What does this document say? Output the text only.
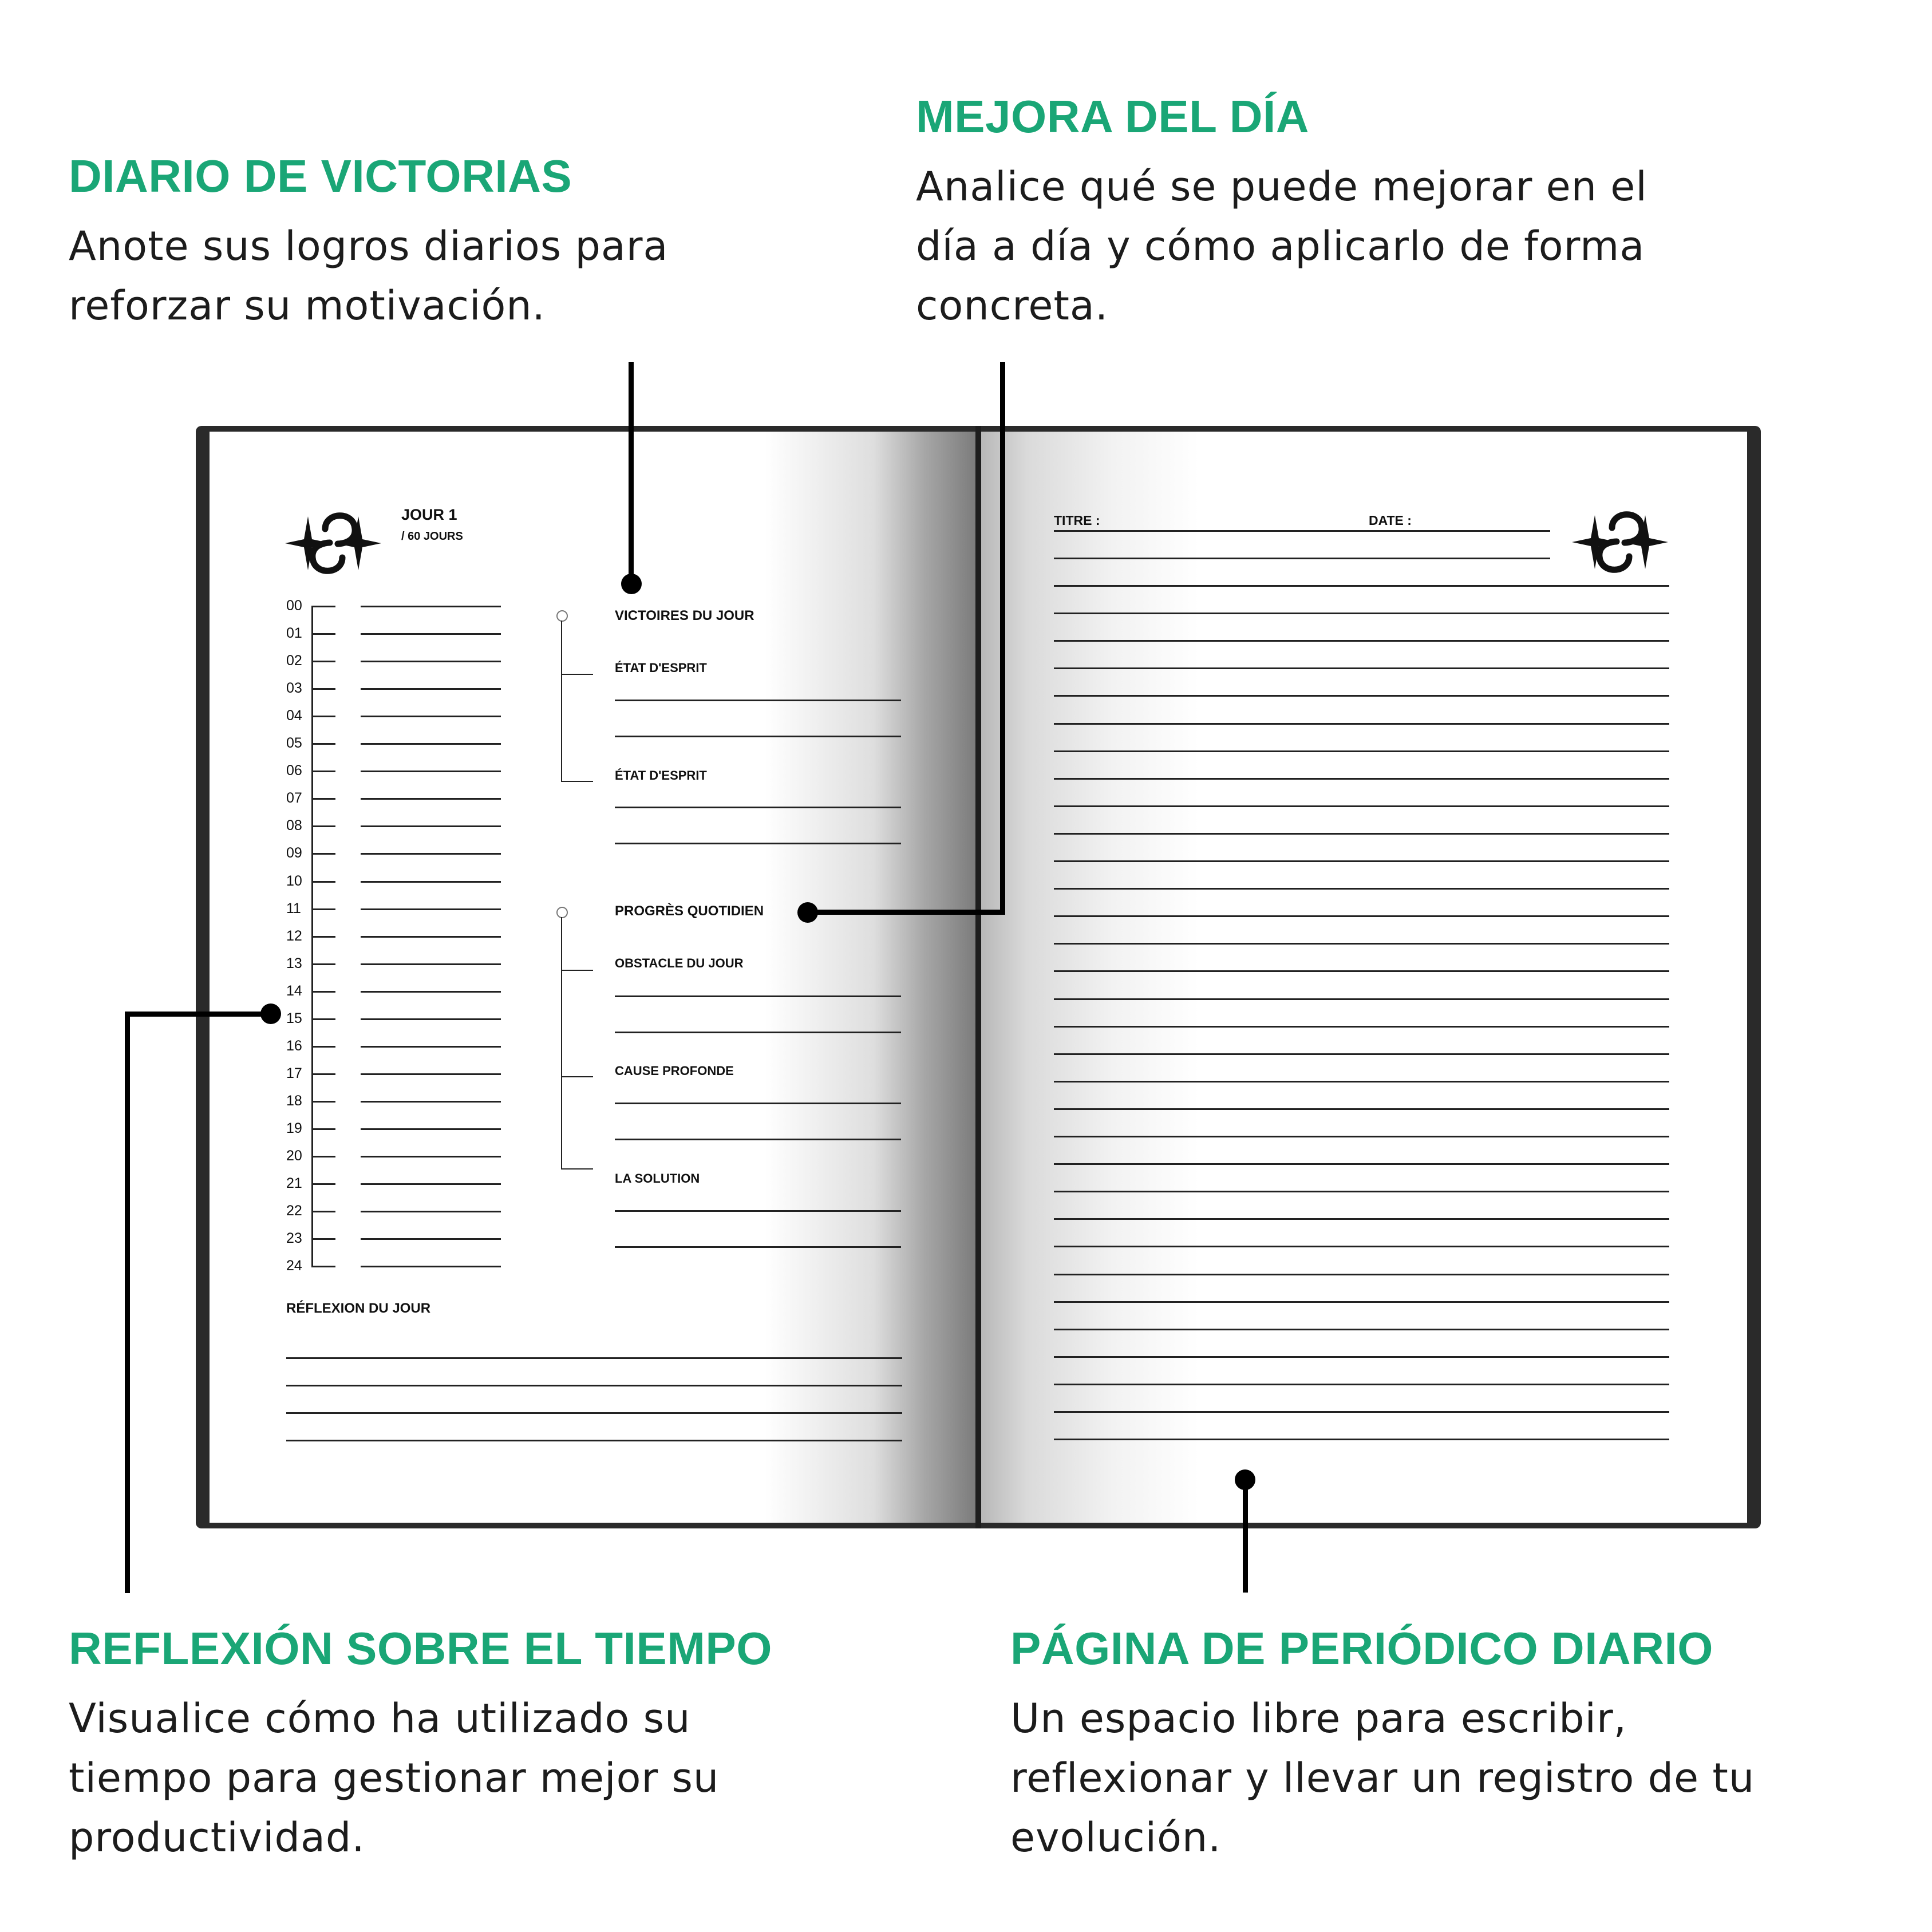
DIARIO DE VICTORIAS
Anote sus logros diarios para
reforzar su motivación.
MEJORA DEL DÍA
Analice qué se puede mejorar en el
día a día y cómo aplicarlo de forma
concreta.
REFLEXIÓN SOBRE EL TIEMPO
Visualice cómo ha utilizado su
tiempo para gestionar mejor su
productividad.
PÁGINA DE PERIÓDICO DIARIO
Un espacio libre para escribir,
reflexionar y llevar un registro de tu
evolución.
JOUR 1
/ 60 JOURS
00
01
02
03
04
05
06
07
08
09
10
11
12
13
14
15
16
17
18
19
20
21
22
23
24
VICTOIRES DU JOUR
ÉTAT D'ESPRIT
ÉTAT D'ESPRIT
PROGRÈS QUOTIDIEN
OBSTACLE DU JOUR
CAUSE PROFONDE
LA SOLUTION
RÉFLEXION DU JOUR
TITRE :	DATE :
